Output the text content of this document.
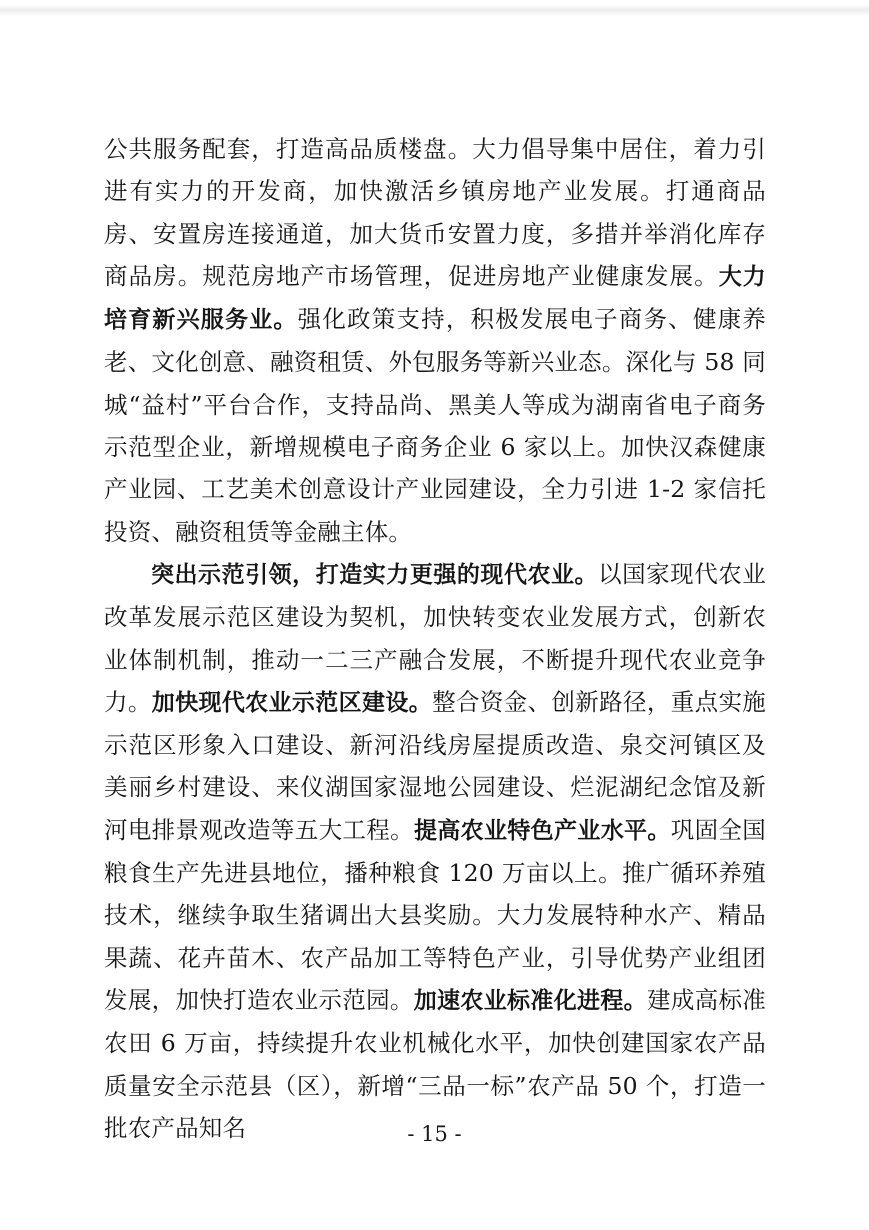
公共服务配套，打造高品质楼盘。大力倡导集中居住，着力引进有实力的开发商，加快激活乡镇房地产业发展。打通商品房、安置房连接通道，加大货币安置力度，多措并举消化库存商品房。规范房地产市场管理，促进房地产业健康发展。大力培育新兴服务业。强化政策支持，积极发展电子商务、健康养老、文化创意、融资租赁、外包服务等新兴业态。深化与 58 同城“益村”平台合作，支持品尚、黑美人等成为湖南省电子商务示范型企业，新增规模电子商务企业 6 家以上。加快汉森健康产业园、工艺美术创意设计产业园建设，全力引进 1-2 家信托投资、融资租赁等金融主体。

突出示范引领，打造实力更强的现代农业。以国家现代农业改革发展示范区建设为契机，加快转变农业发展方式，创新农业体制机制，推动一二三产融合发展，不断提升现代农业竞争力。加快现代农业示范区建设。整合资金、创新路径，重点实施示范区形象入口建设、新河沿线房屋提质改造、泉交河镇区及美丽乡村建设、来仪湖国家湿地公园建设、烂泥湖纪念馆及新河电排景观改造等五大工程。提高农业特色产业水平。巩固全国粮食生产先进县地位，播种粮食 120 万亩以上。推广循环养殖技术，继续争取生猪调出大县奖励。大力发展特种水产、精品果蔬、花卉苗木、农产品加工等特色产业，引导优势产业组团发展，加快打造农业示范园。加速农业标准化进程。建成高标准农田 6 万亩，持续提升农业机械化水平，加快创建国家农产品质量安全示范县（区），新增“三品一标”农产品 50 个，打造一批农产品知名	- 15 -
